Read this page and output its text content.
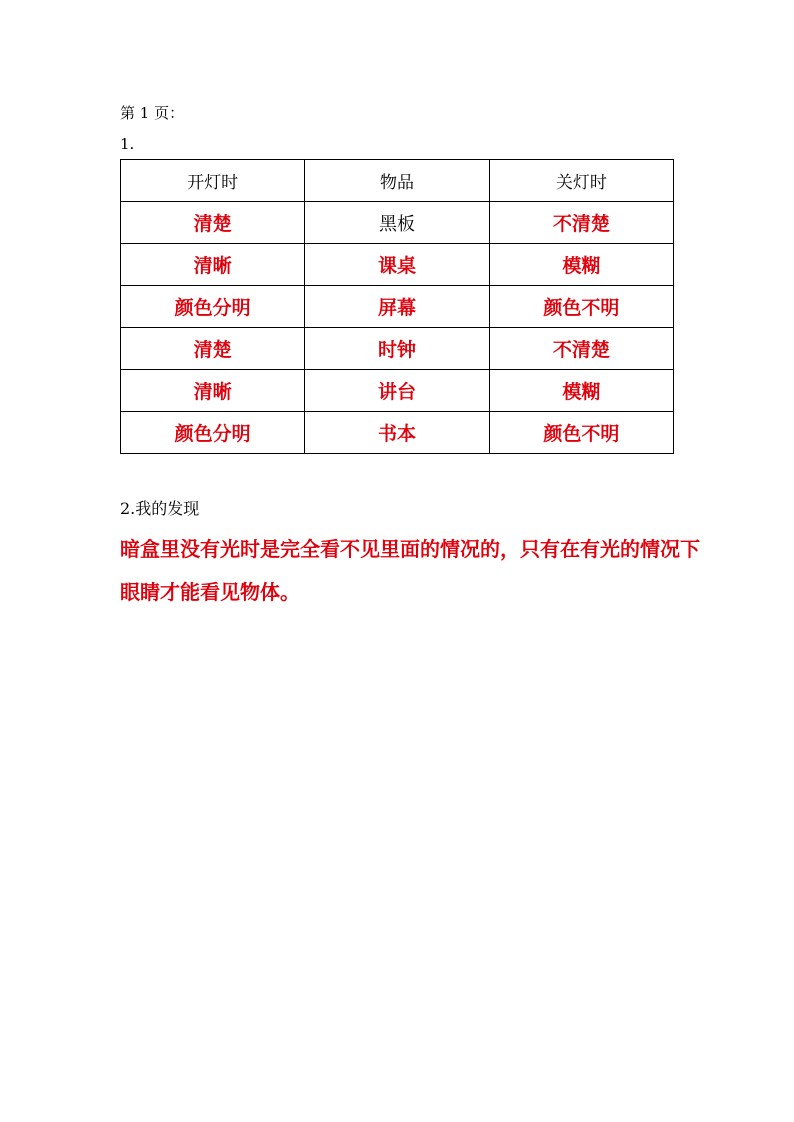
第 1 页：
1.
开灯时	物品	关灯时
清楚	黑板	不清楚
清晰	课桌	模糊
颜色分明	屏幕	颜色不明
清楚	时钟	不清楚
清晰	讲台	模糊
颜色分明	书本	颜色不明
2.我的发现
暗盒里没有光时是完全看不见里面的情况的，只有在有光的情况下眼睛才能看见物体。
